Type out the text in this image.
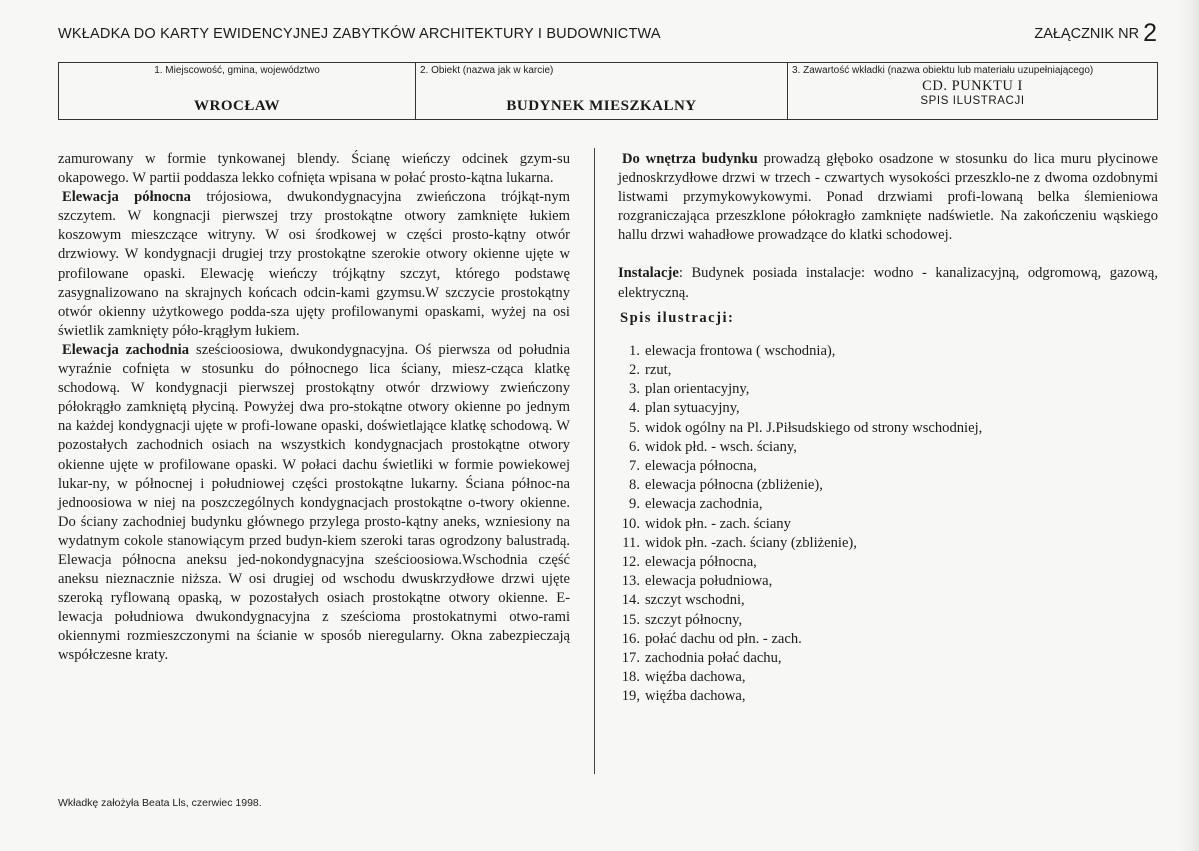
WKŁADKA DO KARTY EWIDENCYJNEJ ZABYTKÓW ARCHITEKTURY I BUDOWNICTWA	ZAŁĄCZNIK NR 2
1. Miejscowość, gmina, województwo
WROCŁAW
2. Obiekt (nazwa jak w karcie)
BUDYNEK MIESZKALNY
3. Zawartość wkładki (nazwa obiektu lub materiału uzupełniającego)
CD. PUNKTU I
SPIS ILUSTRACJI

zamurowany w formie tynkowanej blendy. Ścianę wieńczy odcinek gzym-su okapowego. W partii poddasza lekko cofnięta wpisana w połać prosto-kątna lukarna.

Elewacja północna trójosiowa, dwukondygnacyjna zwieńczona trójkąt-nym szczytem. W kongnacji pierwszej trzy prostokątne otwory zamknięte łukiem koszowym mieszczące witryny. W osi środkowej w części prosto-kątny otwór drzwiowy. W kondygnacji drugiej trzy prostokątne szerokie otwory okienne ujęte w profilowane opaski. Elewację wieńczy trójkątny szczyt, którego podstawę zasygnalizowano na skrajnych końcach odcin-kami gzymsu.W szczycie prostokątny otwór okienny użytkowego podda-sza ujęty profilowanymi opaskami, wyżej na osi świetlik zamknięty póło-krągłym łukiem.

Elewacja zachodnia sześcioosiowa, dwukondygnacyjna. Oś pierwsza od południa wyraźnie cofnięta w stosunku do północnego lica ściany, miesz-cząca klatkę schodową. W kondygnacji pierwszej prostokątny otwór drzwiowy zwieńczony półokrągło zamkniętą płyciną. Powyżej dwa pro-stokątne otwory okienne po jednym na każdej kondygnacji ujęte w profi-lowane opaski, doświetlające klatkę schodową. W pozostałych zachodnich osiach na wszystkich kondygnacjach prostokątne otwory okienne ujęte w profilowane opaski. W połaci dachu świetliki w formie powiekowej lukar-ny, w północnej i południowej części prostokątne lukarny. Ściana północ-na jednoosiowa w niej na poszczególnych kondygnacjach prostokątne o-twory okienne. Do ściany zachodniej budynku głównego przylega prosto-kątny aneks, wzniesiony na wydatnym cokole stanowiącym przed budyn-kiem szeroki taras ogrodzony balustradą. Elewacja północna aneksu jed-nokondygnacyjna sześcioosiowa.Wschodnia część aneksu nieznacznie niższa. W osi drugiej od wschodu dwuskrzydłowe drzwi ujęte szeroką ryflowaną opaską, w pozostałych osiach prostokątne otwory okienne. E-lewacja południowa dwukondygnacyjna z sześcioma prostokatnymi otwo-rami okiennymi rozmieszczonymi na ścianie w sposób nieregularny. Okna zabezpieczają współczesne kraty.

Do wnętrza budynku prowadzą głęboko osadzone w stosunku do lica muru płycinowe jednoskrzydłowe drzwi w trzech - czwartych wysokości przeszklo-ne z dwoma ozdobnymi listwami przymykowykowymi. Ponad drzwiami profi-lowaną belka ślemieniowa rozgraniczająca przeszklone półokragło zamknięte nadświetle. Na zakończeniu wąskiego hallu drzwi wahadłowe prowadzące do klatki schodowej.

Instalacje: Budynek posiada instalacje: wodno - kanalizacyjną, odgromową, gazową, elektryczną.

Spis ilustracji:
1. elewacja frontowa ( wschodnia),
2. rzut,
3. plan orientacyjny,
4. plan sytuacyjny,
5. widok ogólny na Pl. J.Piłsudskiego od strony wschodniej,
6. widok płd. - wsch. ściany,
7. elewacja północna,
8. elewacja północna (zbliżenie),
9. elewacja zachodnia,
10. widok płn. - zach. ściany
11. widok płn. -zach. ściany (zbliżenie),
12. elewacja północna,
13. elewacja południowa,
14. szczyt wschodni,
15. szczyt północny,
16. połać dachu od płn. - zach.
17. zachodnia połać dachu,
18. więźba dachowa,
19, więźba dachowa,
Wkładkę założyła Beata Lls, czerwiec 1998.
